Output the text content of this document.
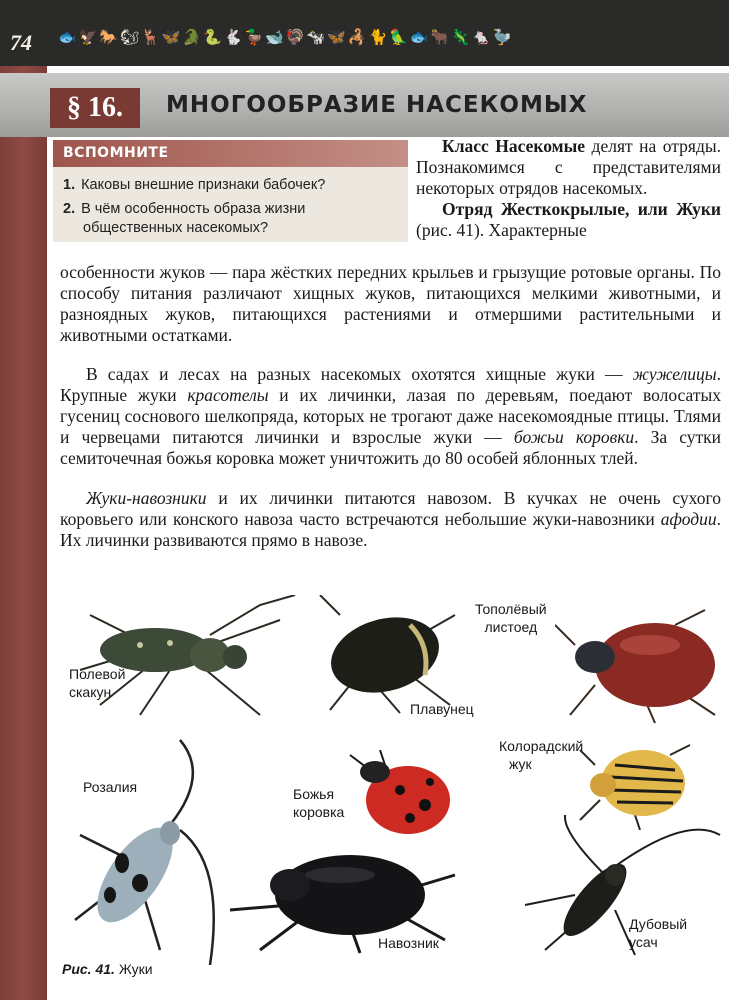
74 🐟🦅🐎🐿🦌🦋🐊🐍🐇🦆🐋🦃🐄🦋🦂🐈🦜🐟🐂🦎🐁🦤
§ 16.	МНОГООБРАЗИЕ НАСЕКОМЫХ
ВСПОМНИТЕ
1. Каковы внешние признаки бабочек?
2. В чём особенность образа жизни
общественных насекомых?
Класс Насекомые делят на отряды. Познакомимся с представителями некоторых отрядов насекомых.
Отряд Жесткокрылые, или Жуки (рис. 41). Характерные
особенности жуков — пара жёстких передних крыльев и грызущие ротовые органы. По способу питания различают хищных жуков, питающихся мелкими животными, и разноядных жуков, питающихся растениями и отмершими растительными и животными остатками.
В садах и лесах на разных насекомых охотятся хищные жуки — жужелицы. Крупные жуки красотелы и их личинки, лазая по деревьям, поедают волосатых гусениц соснового шелкопряда, которых не трогают даже насекомоядные птицы. Тлями и червецами питаются личинки и взрослые жуки — божьи коровки. За сутки семиточечная божья коровка может уничтожить до 80 особей яблонных тлей.
Жуки-навозники и их личинки питаются навозом. В кучках не очень сухого коровьего или конского навоза часто встречаются небольшие жуки-навозники афодии. Их личинки развиваются прямо в навозе.
Полевой
скакун
Плавунец
Тополёвый
листоед
Колорадский
жук
Розалия	Божья
коровка
Навозник
Дубовый
усач
Рис. 41. Жуки
